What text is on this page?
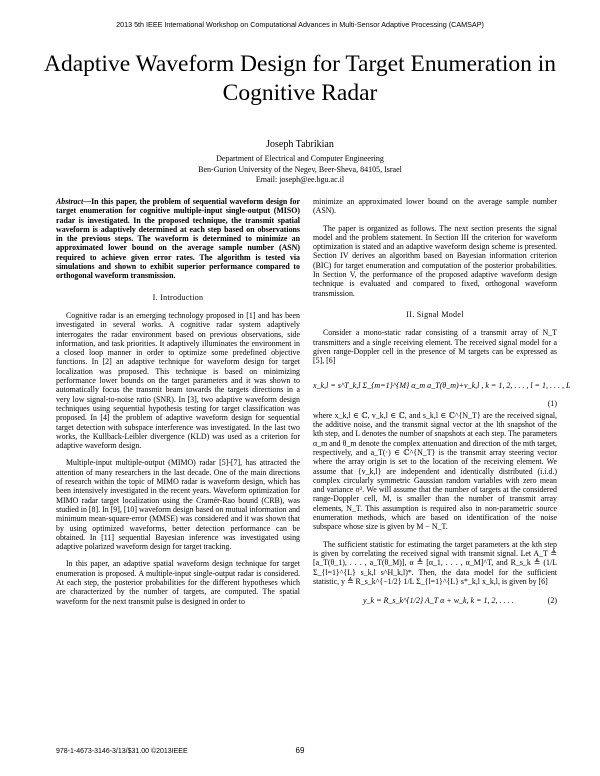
2013 5th IEEE International Workshop on Computational Advances in Multi-Sensor Adaptive Processing (CAMSAP)
Adaptive Waveform Design for Target Enumeration in Cognitive Radar
Joseph Tabrikian
Department of Electrical and Computer Engineering
Ben-Gurion University of the Negev, Beer-Sheva, 84105, Israel
Email: joseph@ee.bgu.ac.il

Abstract—In this paper, the problem of sequential waveform design for target enumeration for cognitive multiple-input single-output (MISO) radar is investigated. In the proposed technique, the transmit spatial waveform is adaptively determined at each step based on observations in the previous steps. The waveform is determined to minimize an approximated lower bound on the average sample number (ASN) required to achieve given error rates. The algorithm is tested via simulations and shown to exhibit superior performance compared to orthogonal waveform transmission.

I. Introduction

Cognitive radar is an emerging technology proposed in [1] and has been investigated in several works. A cognitive radar system adaptively interrogates the radar environment based on previous observations, side information, and task priorities. It adaptively illuminates the environment in a closed loop manner in order to optimize some predefined objective functions. In [2] an adaptive technique for waveform design for target localization was proposed. This technique is based on minimizing performance lower bounds on the target parameters and it was shown to automatically focus the transmit beam towards the targets directions in a very low signal-to-noise ratio (SNR). In [3], two adaptive waveform design techniques using sequential hypothesis testing for target classification was proposed. In [4] the problem of adaptive waveform design for sequential target detection with subspace interference was investigated. In the last two works, the Kullback-Leibler divergence (KLD) was used as a criterion for adaptive waveform design.

Multiple-input multiple-output (MIMO) radar [5]-[7], has attracted the attention of many researchers in the last decade. One of the main directions of research within the topic of MIMO radar is waveform design, which has been intensively investigated in the recent years. Waveform optimization for MIMO radar target localization using the Cramér-Rao bound (CRB), was studied in [8]. In [9], [10] waveform design based on mutual information and minimum mean-square-error (MMSE) was considered and it was shown that by using optimized waveforms, better detection performance can be obtained. In [11] sequential Bayesian inference was investigated using adaptive polarized waveform design for target tracking.

In this paper, an adaptive spatial waveform design technique for target enumeration is proposed. A multiple-input single-output radar is considered. At each step, the posterior probabilities for the different hypotheses which are characterized by the number of targets, are computed. The spatial waveform for the next transmit pulse is designed in order to

minimize an approximated lower bound on the average sample number (ASN).

The paper is organized as follows. The next section presents the signal model and the problem statement. In Section III the criterion for waveform optimization is stated and an adaptive waveform design scheme is presented. Section IV derives an algorithm based on Bayesian information criterion (BIC) for target enumeration and computation of the posterior probabilities. In Section V, the performance of the proposed adaptive waveform design technique is evaluated and compared to fixed, orthogonal waveform transmission.

II. Signal Model

Consider a mono-static radar consisting of a transmit array of N_T transmitters and a single receiving element. The received signal model for a given range-Doppler cell in the presence of M targets can be expressed as [5], [6]

x_k,l = s^T_k,l Σ_{m=1}^{M} α_m a_T(θ_m)+v_k,l , k = 1, 2, . . . , l = 1, . . . , L
(1)

where x_k,l ∈ ℂ, v_k,l ∈ ℂ, and s_k,l ∈ ℂ^{N_T} are the received signal, the additive noise, and the transmit signal vector at the lth snapshot of the kth step, and L denotes the number of snapshots at each step. The parameters α_m and θ_m denote the complex attenuation and direction of the mth target, respectively, and a_T(·) ∈ ℂ^{N_T} is the transmit array steering vector where the array origin is set to the location of the receiving element. We assume that {v_k,l} are independent and identically distributed (i.i.d.) complex circularly symmetric Gaussian random variables with zero mean and variance σ². We will assume that the number of targets at the considered range-Doppler cell, M, is smaller than the number of transmit array elements, N_T. This assumption is required also in non-parametric source enumeration methods, which are based on identification of the noise subspace whose size is given by M − N_T.

The sufficient statistic for estimating the target parameters at the kth step is given by correlating the received signal with transmit signal. Let A_T ≜ [a_T(θ_1), . . . , a_T(θ_M)], α ≜ [α_1, . . . , α_M]^T, and R_s_k ≜ (1/L Σ_{l=1}^{L} s_k,l s^H_k,l)*. Then, the data model for the sufficient statistic, y ≜ R_s_k^{−1/2} 1/L Σ_{l=1}^{L} s*_k,l x_k,l, is given by [6]

y_k = R_s_k^{1/2} A_T α + w_k, k = 1, 2, . . . .	(2)
978-1-4673-3146-3/13/$31.00 ©2013IEEE	69
